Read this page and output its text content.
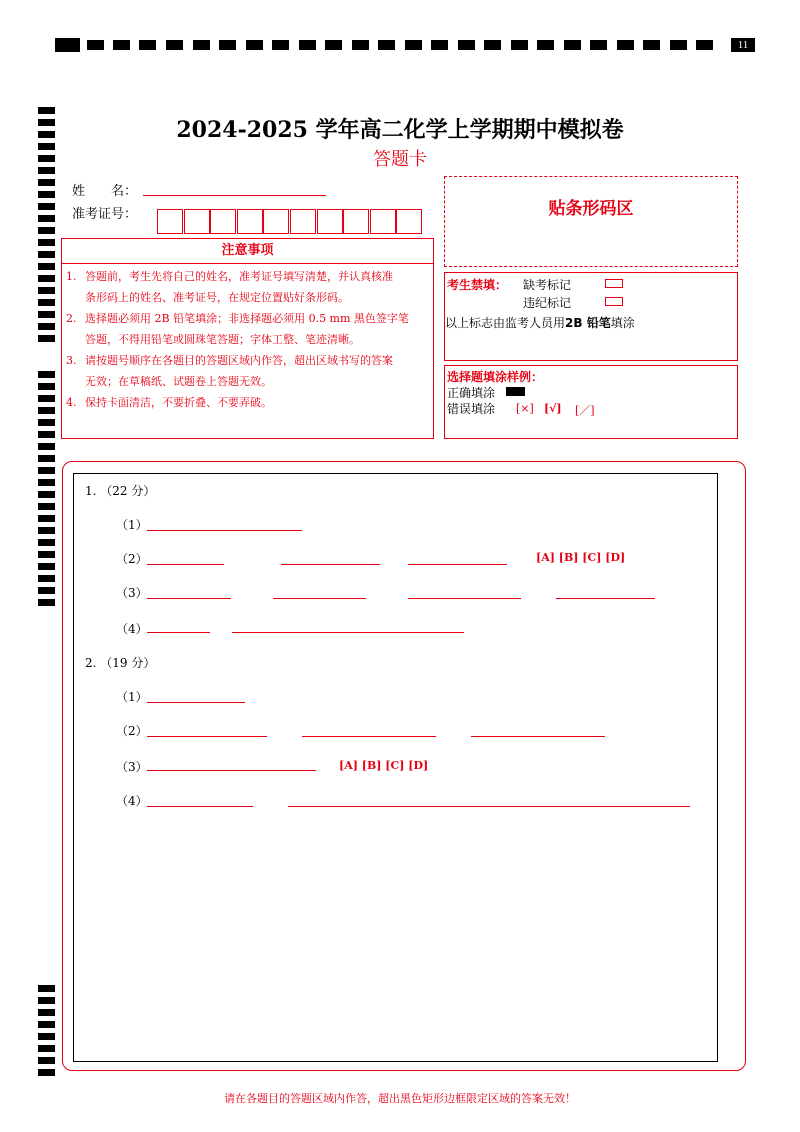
11
2024-2025 学年高二化学上学期期中模拟卷
答题卡
姓　　名：
准考证号：	贴条形码区
注意事项
1. 答题前，考生先将自己的姓名，准考证号填写清楚，并认真核准
条形码上的姓名、准考证号，在规定位置贴好条形码。
2. 选择题必须用 2B 铅笔填涂；非选择题必须用 0.5 mm 黑色签字笔
答题，不得用铅笔或圆珠笔答题；字体工整、笔迹清晰。
3. 请按题号顺序在各题目的答题区域内作答，超出区域书写的答案
无效；在草稿纸、试题卷上答题无效。
4. 保持卡面清洁，不要折叠、不要弄破。
考生禁填： 缺考标记
违纪标记
以上标志由监考人员用2B 铅笔填涂
选择题填涂样例：
正确填涂
错误填涂 [×] [√] [／]
1. （22 分）
（1）
（2）	[A] [B] [C] [D]
（3）
（4）
2. （19 分）
（1）
（2）
（3）	[A] [B] [C] [D]
（4）
请在各题目的答题区域内作答，超出黑色矩形边框限定区域的答案无效！
